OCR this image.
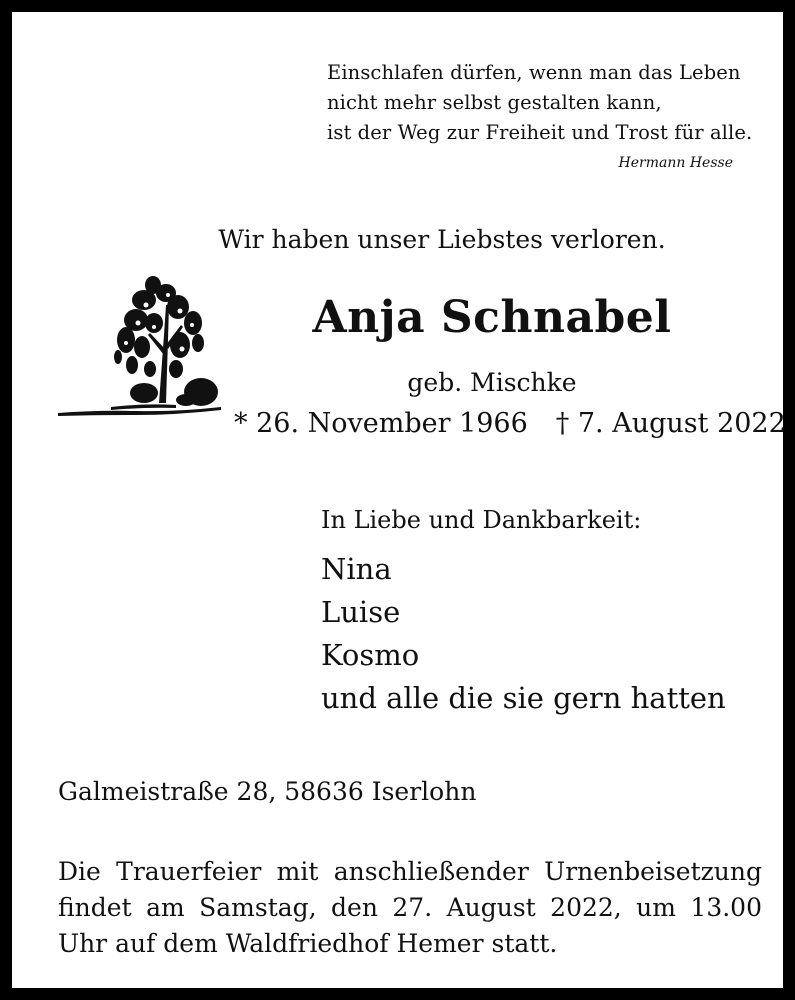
Einschlafen dürfen, wenn man das Leben
nicht mehr selbst gestalten kann,
ist der Weg zur Freiheit und Trost für alle.
Hermann Hesse
Wir haben unser Liebstes verloren.
Anja Schnabel
geb. Mischke
* 26. November 1966 † 7. August 2022
In Liebe und Dankbarkeit:
Nina
Luise
Kosmo
und alle die sie gern hatten
Galmeistraße 28, 58636 Iserlohn
Die Trauerfeier mit anschließender Urnenbeisetzung
findet am Samstag, den 27. August 2022, um 13.00
Uhr auf dem Waldfriedhof Hemer statt.
